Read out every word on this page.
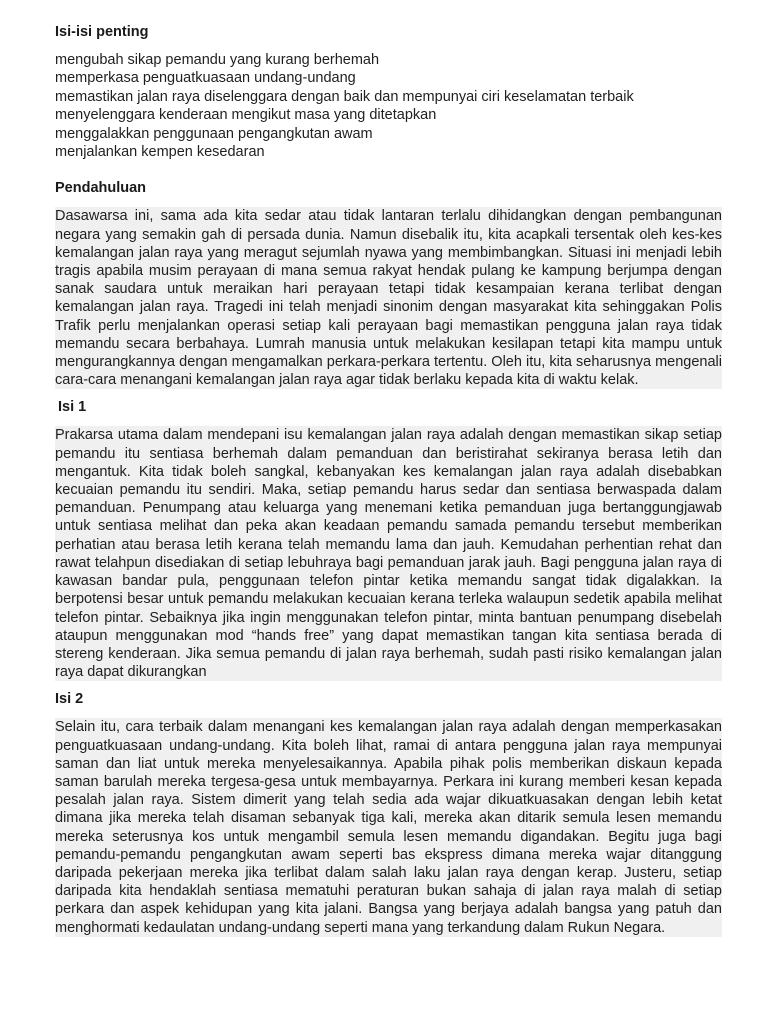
Isi-isi penting
mengubah sikap pemandu yang kurang berhemah
memperkasa penguatkuasaan undang-undang
memastikan jalan raya diselenggara dengan baik dan mempunyai ciri keselamatan terbaik
menyelenggara kenderaan mengikut masa yang ditetapkan
menggalakkan penggunaan pengangkutan awam
menjalankan kempen kesedaran
Pendahuluan

Dasawarsa ini, sama ada kita sedar atau tidak lantaran terlalu dihidangkan dengan pembangunan negara yang semakin gah di persada dunia. Namun disebalik itu, kita acapkali tersentak oleh kes-kes kemalangan jalan raya yang meragut sejumlah nyawa yang membimbangkan. Situasi ini menjadi lebih tragis apabila musim perayaan di mana semua rakyat hendak pulang ke kampung berjumpa dengan sanak saudara untuk meraikan hari perayaan tetapi tidak kesampaian kerana terlibat dengan kemalangan jalan raya. Tragedi ini telah menjadi sinonim dengan masyarakat kita sehinggakan Polis Trafik perlu menjalankan operasi setiap kali perayaan bagi memastikan pengguna jalan raya tidak memandu secara berbahaya. Lumrah manusia untuk melakukan kesilapan tetapi kita mampu untuk mengurangkannya dengan mengamalkan perkara-perkara tertentu. Oleh itu, kita seharusnya mengenali cara-cara menangani kemalangan jalan raya agar tidak berlaku kepada kita di waktu kelak.

Isi 1

Prakarsa utama dalam mendepani isu kemalangan jalan raya adalah dengan memastikan sikap setiap pemandu itu sentiasa berhemah dalam pemanduan dan beristirahat sekiranya berasa letih dan mengantuk. Kita tidak boleh sangkal, kebanyakan kes kemalangan jalan raya adalah disebabkan kecuaian pemandu itu sendiri. Maka, setiap pemandu harus sedar dan sentiasa berwaspada dalam pemanduan. Penumpang atau keluarga yang menemani ketika pemanduan juga bertanggungjawab untuk sentiasa melihat dan peka akan keadaan pemandu samada pemandu tersebut memberikan perhatian atau berasa letih kerana telah memandu lama dan jauh. Kemudahan perhentian rehat dan rawat telahpun disediakan di setiap lebuhraya bagi pemanduan jarak jauh. Bagi pengguna jalan raya di kawasan bandar pula, penggunaan telefon pintar ketika memandu sangat tidak digalakkan. Ia berpotensi besar untuk pemandu melakukan kecuaian kerana terleka walaupun sedetik apabila melihat telefon pintar. Sebaiknya jika ingin menggunakan telefon pintar, minta bantuan penumpang disebelah ataupun menggunakan mod “hands free” yang dapat memastikan tangan kita sentiasa berada di stereng kenderaan. Jika semua pemandu di jalan raya berhemah, sudah pasti risiko kemalangan jalan raya dapat dikurangkan

Isi 2

Selain itu, cara terbaik dalam menangani kes kemalangan jalan raya adalah dengan memperkasakan penguatkuasaan undang-undang. Kita boleh lihat, ramai di antara pengguna jalan raya mempunyai saman dan liat untuk mereka menyelesaikannya. Apabila pihak polis memberikan diskaun kepada saman barulah mereka tergesa-gesa untuk membayarnya. Perkara ini kurang memberi kesan kepada pesalah jalan raya. Sistem dimerit yang telah sedia ada wajar dikuatkuasakan dengan lebih ketat dimana jika mereka telah disaman sebanyak tiga kali, mereka akan ditarik semula lesen memandu mereka seterusnya kos untuk mengambil semula lesen memandu digandakan. Begitu juga bagi pemandu-pemandu pengangkutan awam seperti bas ekspress dimana mereka wajar ditanggung daripada pekerjaan mereka jika terlibat dalam salah laku jalan raya dengan kerap. Justeru, setiap daripada kita hendaklah sentiasa mematuhi peraturan bukan sahaja di jalan raya malah di setiap perkara dan aspek kehidupan yang kita jalani. Bangsa yang berjaya adalah bangsa yang patuh dan menghormati kedaulatan undang-undang seperti mana yang terkandung dalam Rukun Negara.
